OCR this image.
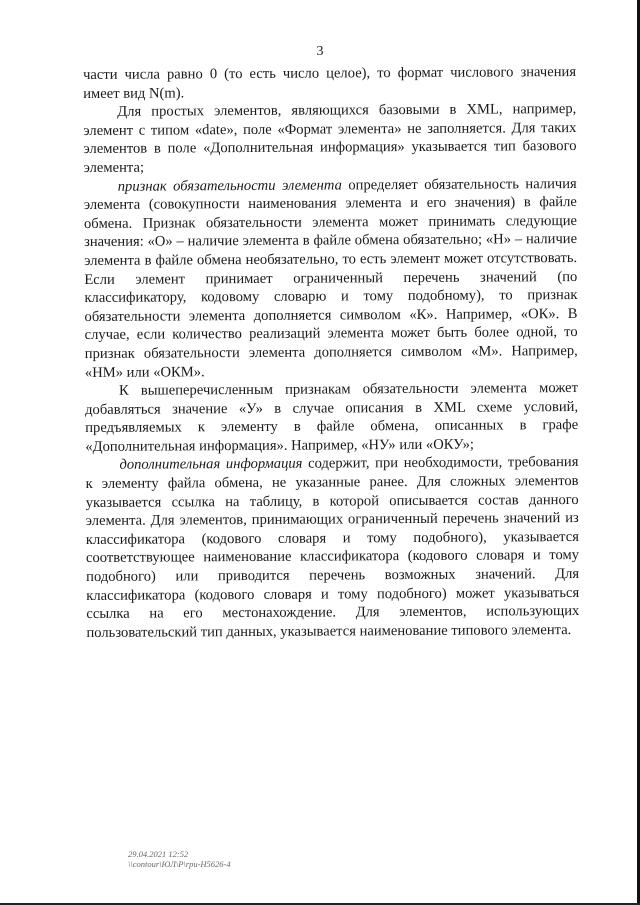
3

части числа равно 0 (то есть число целое), то формат числового значения имеет вид N(m).

Для простых элементов, являющихся базовыми в XML, например, элемент с типом «date», поле «Формат элемента» не заполняется. Для таких элементов в поле «Дополнительная информация» указывается тип базового элемента;

признак обязательности элемента определяет обязательность наличия элемента (совокупности наименования элемента и его значения) в файле обмена. Признак обязательности элемента может принимать следующие значения: «О» – наличие элемента в файле обмена обязательно; «Н» – наличие элемента в файле обмена необязательно, то есть элемент может отсутствовать. Если элемент принимает ограниченный перечень значений (по классификатору, кодовому словарю и тому подобному), то признак обязательности элемента дополняется символом «К». Например, «ОК». В случае, если количество реализаций элемента может быть более одной, то признак обязательности элемента дополняется символом «М». Например, «НМ» или «ОКМ».

К вышеперечисленным признакам обязательности элемента может добавляться значение «У» в случае описания в XML схеме условий, предъявляемых к элементу в файле обмена, описанных в графе «Дополнительная информация». Например, «НУ» или «ОКУ»;

дополнительная информация содержит, при необходимости, требования к элементу файла обмена, не указанные ранее. Для сложных элементов указывается ссылка на таблицу, в которой описывается состав данного элемента. Для элементов, принимающих ограниченный перечень значений из классификатора (кодового словаря и тому подобного), указывается соответствующее наименование классификатора (кодового словаря и тому подобного) или приводится перечень возможных значений. Для классификатора (кодового словаря и тому подобного) может указываться ссылка на его местонахождение. Для элементов, использующих пользовательский тип данных, указывается наименование типового элемента.

29.04.2021 12:52
\\contour\ЮЛ\Р\rpu-H5626-4
